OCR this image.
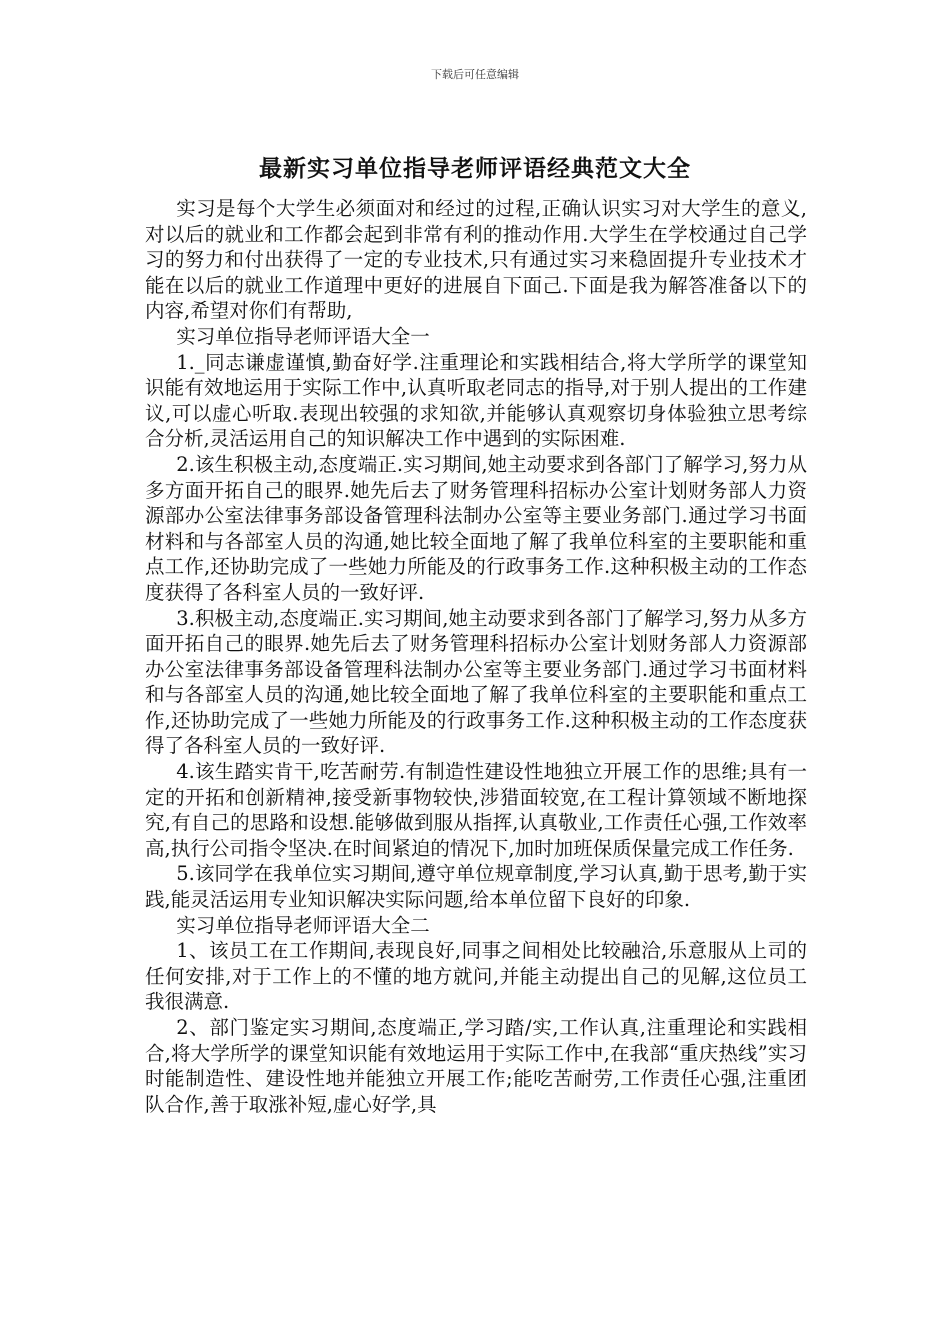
下载后可任意编辑
最新实习单位指导老师评语经典范文大全

实习是每个大学生必须面对和经过的过程,正确认识实习对大学生的意义,对以后的就业和工作都会起到非常有利的推动作用.大学生在学校通过自己学习的努力和付出获得了一定的专业技术,只有通过实习来稳固提升专业技术才能在以后的就业工作道理中更好的进展自下面己.下面是我为解答准备以下的内容,希望对你们有帮助,

实习单位指导老师评语大全一

1._同志谦虚谨慎,勤奋好学.注重理论和实践相结合,将大学所学的课堂知识能有效地运用于实际工作中,认真听取老同志的指导,对于别人提出的工作建议,可以虚心听取.表现出较强的求知欲,并能够认真观察切身体验独立思考综合分析,灵活运用自己的知识解决工作中遇到的实际困难.

2.该生积极主动,态度端正.实习期间,她主动要求到各部门了解学习,努力从多方面开拓自己的眼界.她先后去了财务管理科招标办公室计划财务部人力资源部办公室法律事务部设备管理科法制办公室等主要业务部门.通过学习书面材料和与各部室人员的沟通,她比较全面地了解了我单位科室的主要职能和重点工作,还协助完成了一些她力所能及的行政事务工作.这种积极主动的工作态度获得了各科室人员的一致好评.

3.积极主动,态度端正.实习期间,她主动要求到各部门了解学习,努力从多方面开拓自己的眼界.她先后去了财务管理科招标办公室计划财务部人力资源部办公室法律事务部设备管理科法制办公室等主要业务部门.通过学习书面材料和与各部室人员的沟通,她比较全面地了解了我单位科室的主要职能和重点工作,还协助完成了一些她力所能及的行政事务工作.这种积极主动的工作态度获得了各科室人员的一致好评.

4.该生踏实肯干,吃苦耐劳.有制造性建设性地独立开展工作的思维;具有一定的开拓和创新精神,接受新事物较快,涉猎面较宽,在工程计算领域不断地探究,有自己的思路和设想.能够做到服从指挥,认真敬业,工作责任心强,工作效率高,执行公司指令坚决.在时间紧迫的情况下,加时加班保质保量完成工作任务.

5.该同学在我单位实习期间,遵守单位规章制度,学习认真,勤于思考,勤于实践,能灵活运用专业知识解决实际问题,给本单位留下良好的印象.

实习单位指导老师评语大全二

1、该员工在工作期间,表现良好,同事之间相处比较融洽,乐意服从上司的任何安排,对于工作上的不懂的地方就问,并能主动提出自己的见解,这位员工我很满意.

2、部门鉴定实习期间,态度端正,学习踏/实,工作认真,注重理论和实践相合,将大学所学的课堂知识能有效地运用于实际工作中,在我部“重庆热线”实习时能制造性、建设性地并能独立开展工作;能吃苦耐劳,工作责任心强,注重团队合作,善于取涨补短,虚心好学,具
